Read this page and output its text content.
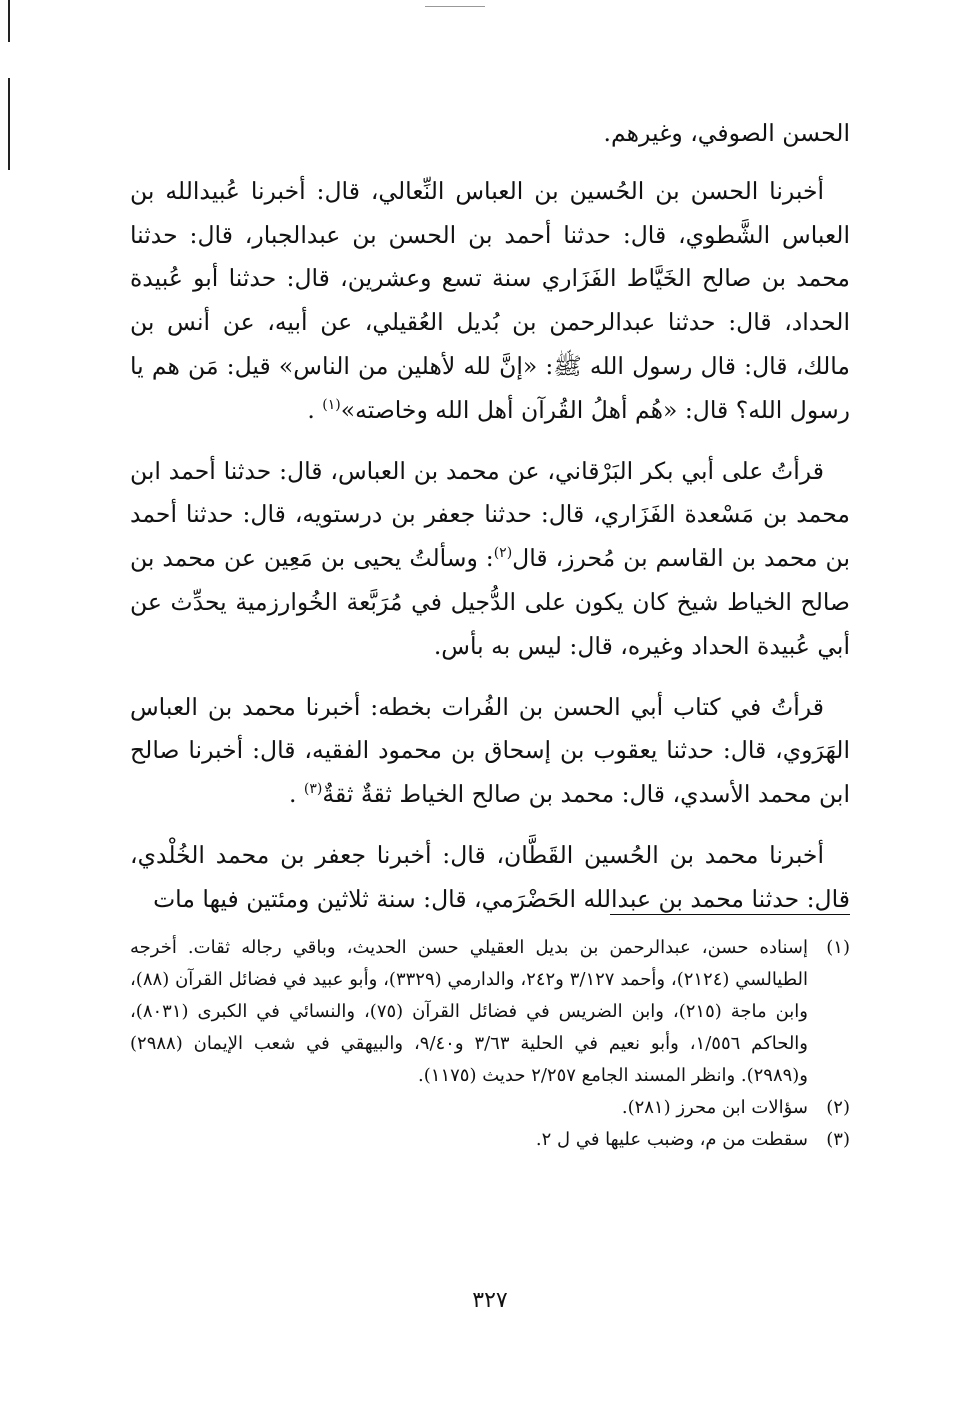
الحسن الصوفي، وغيرهم.

أخبرنا الحسن بن الحُسين بن العباس النِّعالي، قال: أخبرنا عُبيدالله بن العباس الشَّطوي، قال: حدثنا أحمد بن الحسن بن عبدالجبار، قال: حدثنا محمد بن صالح الخَيَّاط الفَزَاري سنة تسع وعشرين، قال: حدثنا أبو عُبيدة الحداد، قال: حدثنا عبدالرحمن بن بُديل العُقيلي، عن أبيه، عن أنس بن مالك، قال: قال رسول الله ﷺ: «إنَّ لله لأهلين من الناس» قيل: مَن هم يا رسول الله؟ قال: «هُم أهلُ القُرآن أهل الله وخاصته»$^{(١)}$ .

قرأتُ على أبي بكر البَرْقاني، عن محمد بن العباس، قال: حدثنا أحمد ابن محمد بن مَسْعدة الفَزَاري، قال: حدثنا جعفر بن درستويه، قال: حدثنا أحمد بن محمد بن القاسم بن مُحرز، قال$^{(٢)}$: وسألتُ يحيى بن مَعِين عن محمد بن صالح الخياط شيخ كان يكون على الدُّجيل في مُرَبَّعة الخُوارزمية يحدِّث عن أبي عُبيدة الحداد وغيره، قال: ليس به بأس.

قرأتُ في كتاب أبي الحسن بن الفُرات بخطه: أخبرنا محمد بن العباس الهَرَوي، قال: حدثنا يعقوب بن إسحاق بن محمود الفقيه، قال: أخبرنا صالح ابن محمد الأسدي، قال: محمد بن صالح الخياط ثقةٌ ثقةٌ$^{(٣)}$ .

أخبرنا محمد بن الحُسين القَطَّان، قال: أخبرنا جعفر بن محمد الخُلْدي، قال: حدثنا محمد بن عبدالله الحَضْرَمي، قال: سنة ثلاثين ومئتين فيها مات

(١)
إسناده حسن، عبدالرحمن بن بديل العقيلي حسن الحديث، وباقي رجاله ثقات. أخرجه الطيالسي (٢١٢٤)، وأحمد ٣/١٢٧ و٢٤٢، والدارمي (٣٣٢٩)، وأبو عبيد في فضائل القرآن (٨٨)، وابن ماجة (٢١٥)، وابن الضريس في فضائل القرآن (٧٥)، والنسائي في الكبرى (٨٠٣١)، والحاكم ١/٥٥٦، وأبو نعيم في الحلية ٣/٦٣ و٩/٤٠، والبيهقي في شعب الإيمان (٢٩٨٨) و(٢٩٨٩). وانظر المسند الجامع ٢/٢٥٧ حديث (١١٧٥).
(٢)
سؤالات ابن محرز (٢٨١).
(٣)
سقطت من م، وضبب عليها في ل ٢.
٣٢٧
